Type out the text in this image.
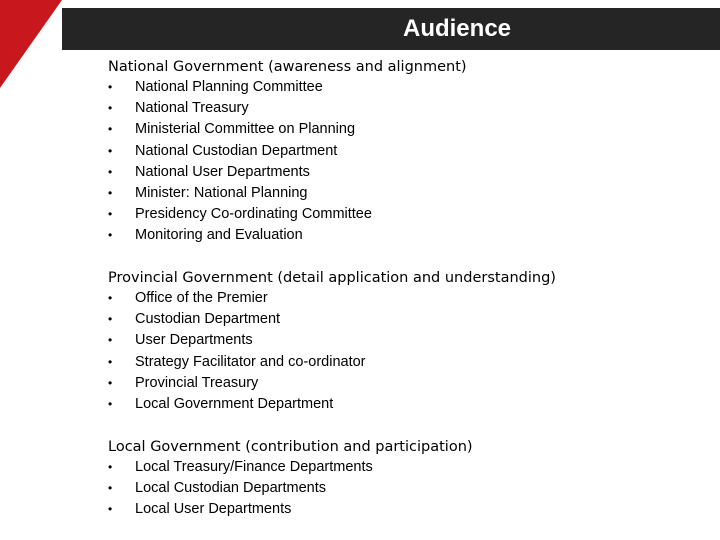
Audience

National Government (awareness and alignment)

• National Planning Committee
• National Treasury
• Ministerial Committee on Planning
• National Custodian Department
• National User Departments
• Minister: National Planning
• Presidency Co-ordinating Committee
• Monitoring and Evaluation

Provincial Government (detail application and understanding)

• Office of the Premier
• Custodian Department
• User Departments
• Strategy Facilitator and co-ordinator
• Provincial Treasury
• Local Government Department

Local Government (contribution and participation)

• Local Treasury/Finance Departments
• Local Custodian Departments
• Local User Departments
